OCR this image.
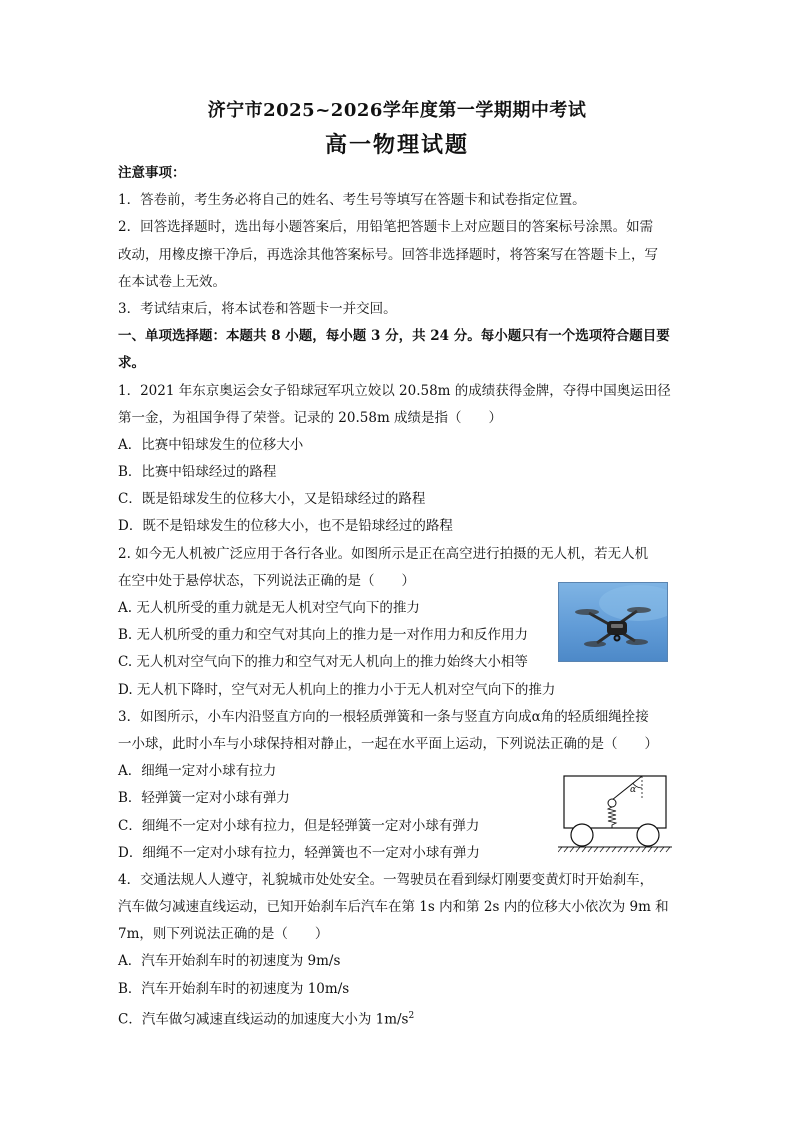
济宁市2025~2026学年度第一学期期中考试
高一物理试题
注意事项：
1．答卷前，考生务必将自己的姓名、考生号等填写在答题卡和试卷指定位置。
2．回答选择题时，选出每小题答案后，用铅笔把答题卡上对应题目的答案标号涂黑。如需
改动，用橡皮擦干净后，再选涂其他答案标号。回答非选择题时，将答案写在答题卡上，写
在本试卷上无效。
3．考试结束后，将本试卷和答题卡一并交回。
一、单项选择题：本题共 8 小题，每小题 3 分，共 24 分。每小题只有一个选项符合题目要
求。
1．2021 年东京奥运会女子铅球冠军巩立姣以 20.58m 的成绩获得金牌，夺得中国奥运田径
第一金，为祖国争得了荣誉。记录的 20.58m 成绩是指（　　）
A．比赛中铅球发生的位移大小
B．比赛中铅球经过的路程
C．既是铅球发生的位移大小，又是铅球经过的路程
D．既不是铅球发生的位移大小，也不是铅球经过的路程
2. 如今无人机被广泛应用于各行各业。如图所示是正在高空进行拍摄的无人机，若无人机
在空中处于悬停状态，下列说法正确的是（　　）
A. 无人机所受的重力就是无人机对空气向下的推力
B. 无人机所受的重力和空气对其向上的推力是一对作用力和反作用力
C. 无人机对空气向下的推力和空气对无人机向上的推力始终大小相等
D. 无人机下降时，空气对无人机向上的推力小于无人机对空气向下的推力
3．如图所示，小车内沿竖直方向的一根轻质弹簧和一条与竖直方向成α角的轻质细绳拴接
一小球，此时小车与小球保持相对静止，一起在水平面上运动，下列说法正确的是（　　）
A．细绳一定对小球有拉力
B．轻弹簧一定对小球有弹力
C．细绳不一定对小球有拉力，但是轻弹簧一定对小球有弹力
D．细绳不一定对小球有拉力，轻弹簧也不一定对小球有弹力
4．交通法规人人遵守，礼貌城市处处安全。一驾驶员在看到绿灯刚要变黄灯时开始刹车，
汽车做匀减速直线运动，已知开始刹车后汽车在第 1s 内和第 2s 内的位移大小依次为 9m 和
7m，则下列说法正确的是（　　）
A．汽车开始刹车时的初速度为 9m/s
B．汽车开始刹车时的初速度为 10m/s
C．汽车做匀减速直线运动的加速度大小为 $1m/s^2$
α
